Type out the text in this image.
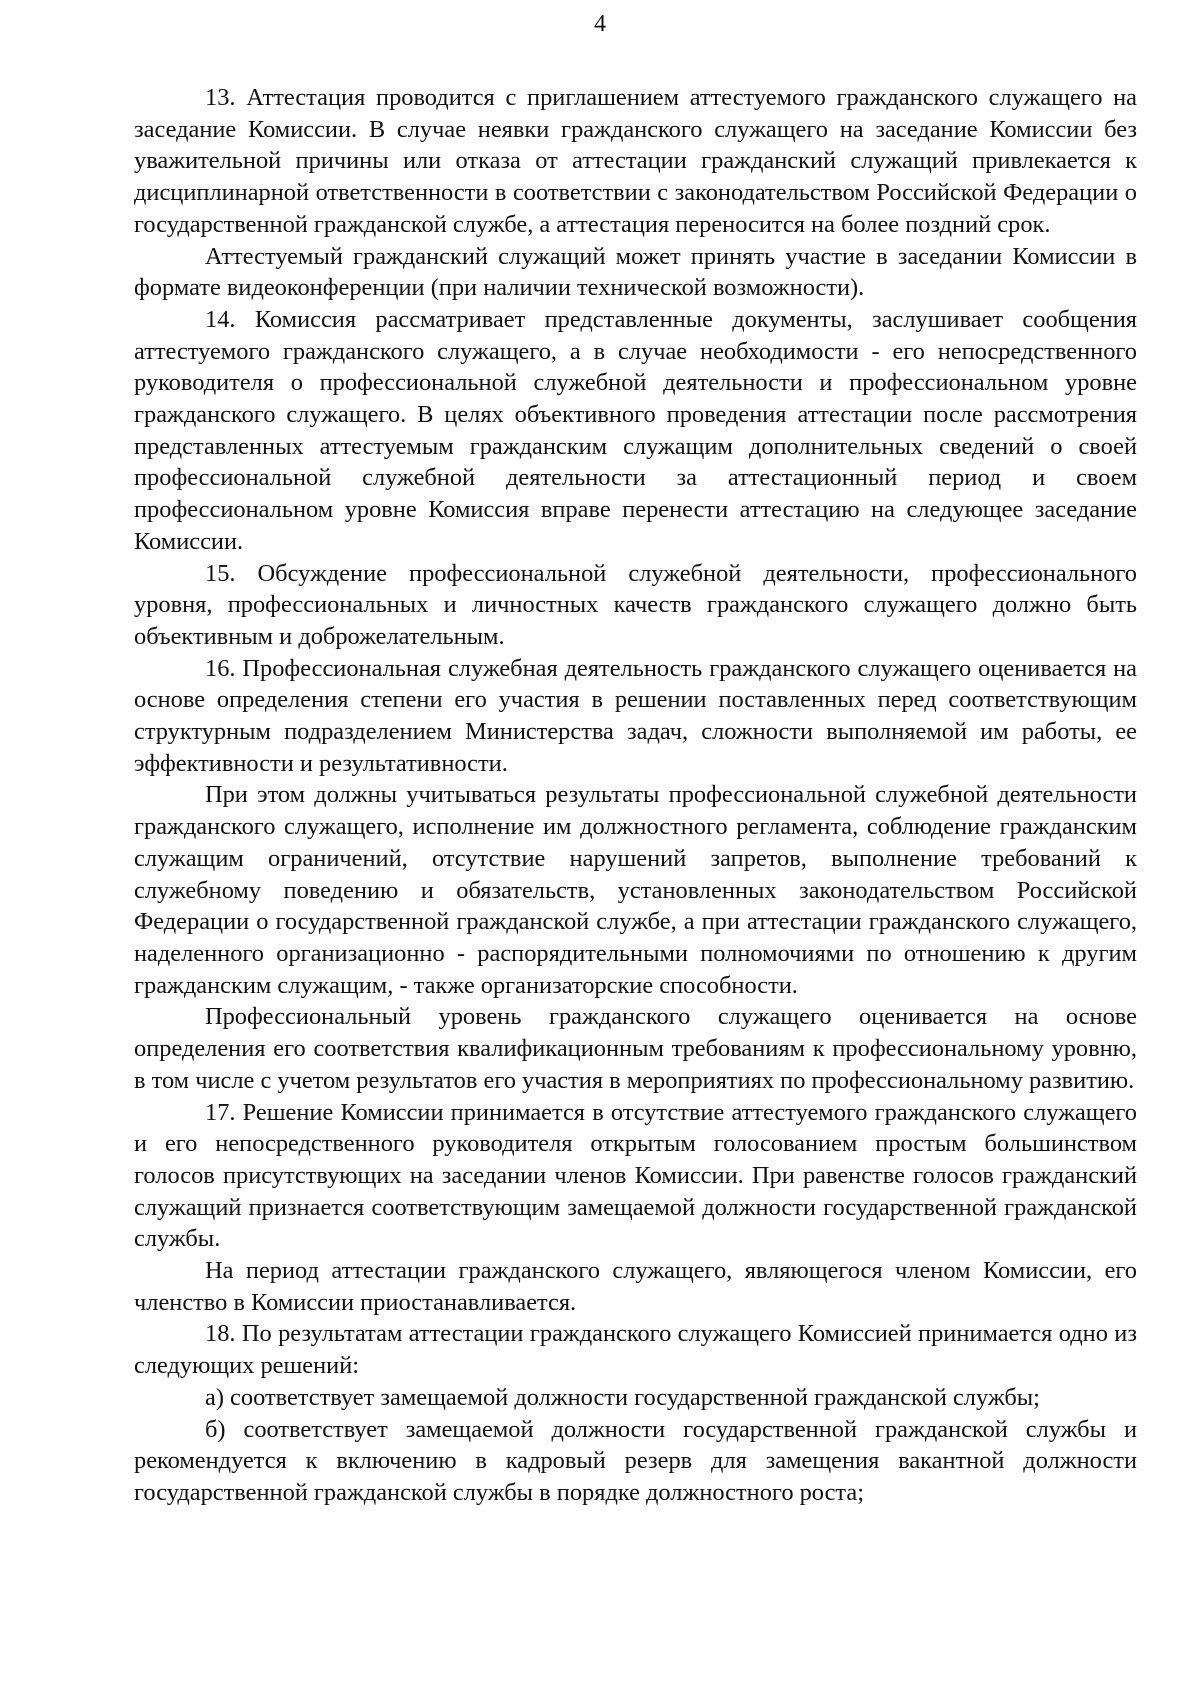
4

13. Аттестация проводится с приглашением аттестуемого гражданского служащего на заседание Комиссии. В случае неявки гражданского служащего на заседание Комиссии без уважительной причины или отказа от аттестации гражданский служащий привлекается к дисциплинарной ответственности в соответствии с законодательством Российской Федерации о государственной гражданской службе, а аттестация переносится на более поздний срок.

Аттестуемый гражданский служащий может принять участие в заседании Комиссии в формате видеоконференции (при наличии технической возможности).

14. Комиссия рассматривает представленные документы, заслушивает сообщения аттестуемого гражданского служащего, а в случае необходимости - его непосредственного руководителя о профессиональной служебной деятельности и профессиональном уровне гражданского служащего. В целях объективного проведения аттестации после рассмотрения представленных аттестуемым гражданским служащим дополнительных сведений о своей профессиональной служебной деятельности за аттестационный период и своем профессиональном уровне Комиссия вправе перенести аттестацию на следующее заседание Комиссии.

15. Обсуждение профессиональной служебной деятельности, профессионального уровня, профессиональных и личностных качеств гражданского служащего должно быть объективным и доброжелательным.

16. Профессиональная служебная деятельность гражданского служащего оценивается на основе определения степени его участия в решении поставленных перед соответствующим структурным подразделением Министерства задач, сложности выполняемой им работы, ее эффективности и результативности.

При этом должны учитываться результаты профессиональной служебной деятельности гражданского служащего, исполнение им должностного регламента, соблюдение гражданским служащим ограничений, отсутствие нарушений запретов, выполнение требований к служебному поведению и обязательств, установленных законодательством Российской Федерации о государственной гражданской службе, а при аттестации гражданского служащего, наделенного организационно - распорядительными полномочиями по отношению к другим гражданским служащим, - также организаторские способности.

Профессиональный уровень гражданского служащего оценивается на основе определения его соответствия квалификационным требованиям к профессиональному уровню, в том числе с учетом результатов его участия в мероприятиях по профессиональному развитию.

17. Решение Комиссии принимается в отсутствие аттестуемого гражданского служащего и его непосредственного руководителя открытым голосованием простым большинством голосов присутствующих на заседании членов Комиссии. При равенстве голосов гражданский служащий признается соответствующим замещаемой должности государственной гражданской службы.

На период аттестации гражданского служащего, являющегося членом Комиссии, его членство в Комиссии приостанавливается.

18. По результатам аттестации гражданского служащего Комиссией принимается одно из следующих решений:

а) соответствует замещаемой должности государственной гражданской службы;

б) соответствует замещаемой должности государственной гражданской службы и рекомендуется к включению в кадровый резерв для замещения вакантной должности государственной гражданской службы в порядке должностного роста;
